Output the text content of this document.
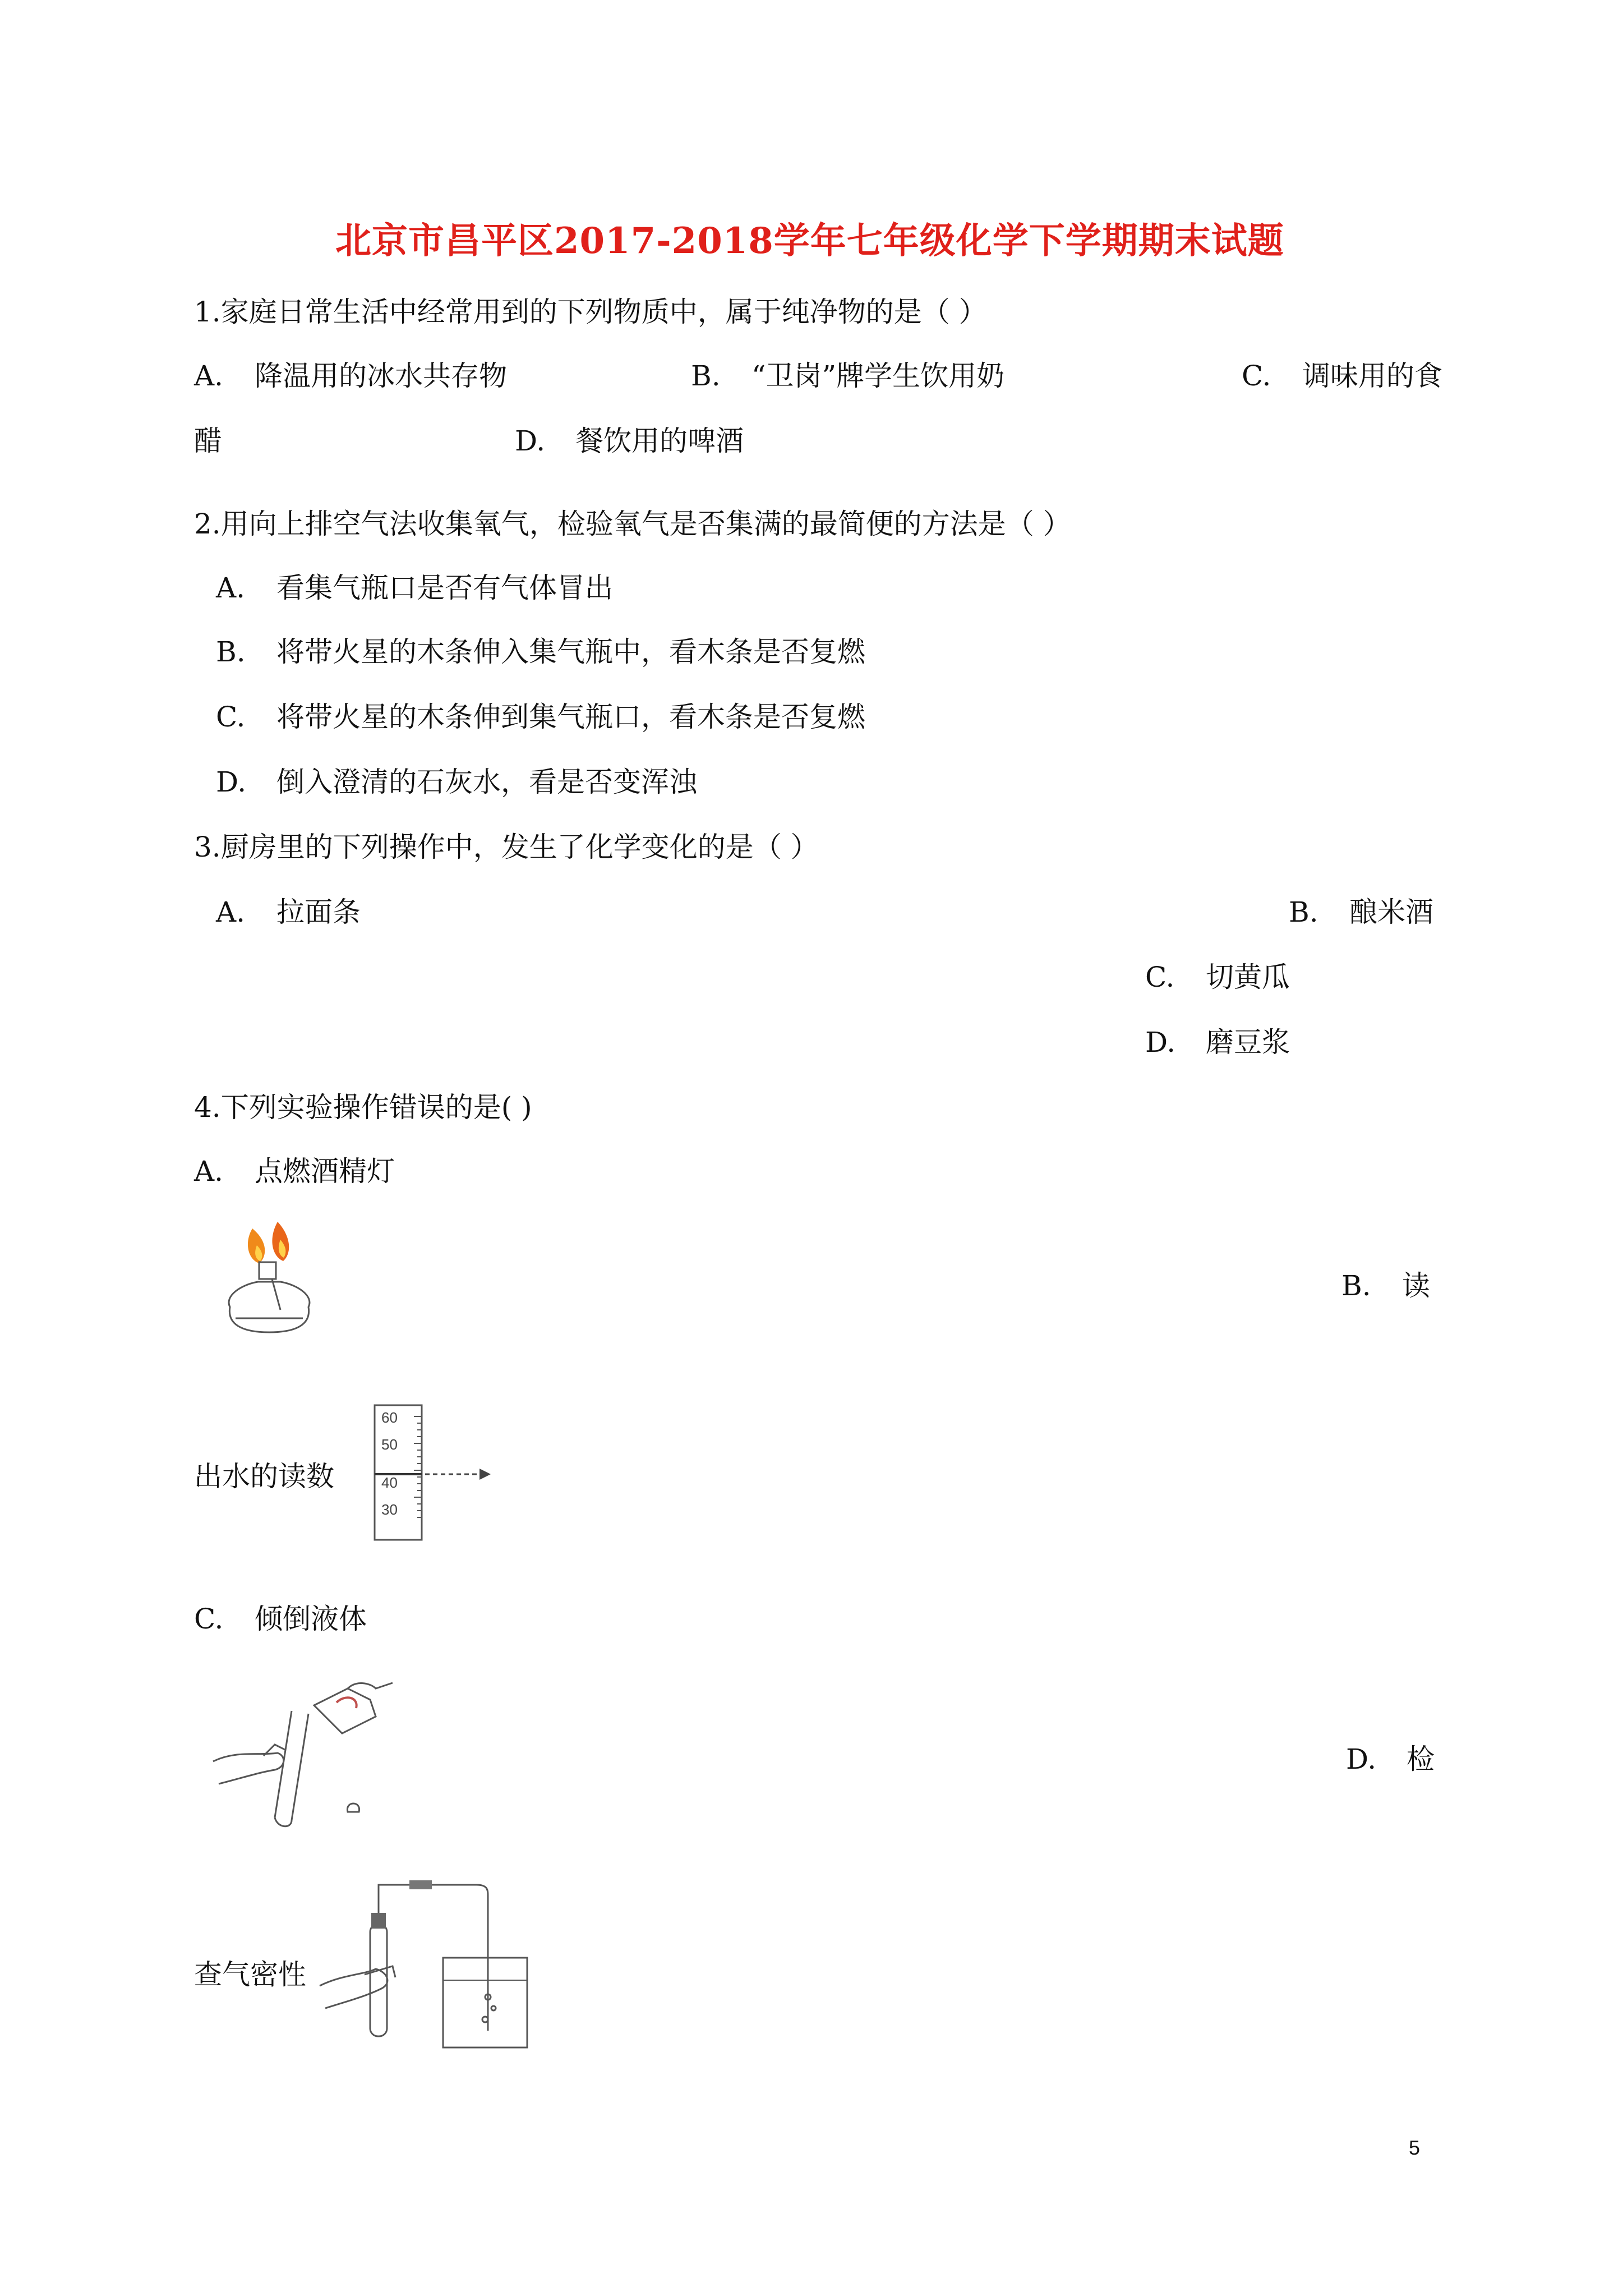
北京市昌平区2017-2018学年七年级化学下学期期末试题
1.家庭日常生活中经常用到的下列物质中，属于纯净物的是（ ）
A. 降温用的冰水共存物	B. “卫岗”牌学生饮用奶	C. 调味用的食
醋	D. 餐饮用的啤酒
2.用向上排空气法收集氧气，检验氧气是否集满的最简便的方法是（ ）
A. 看集气瓶口是否有气体冒出
B. 将带火星的木条伸入集气瓶中，看木条是否复燃
C. 将带火星的木条伸到集气瓶口，看木条是否复燃
D. 倒入澄清的石灰水，看是否变浑浊
3.厨房里的下列操作中，发生了化学变化的是（ ）
A. 拉面条	B. 酿米酒
C. 切黄瓜
D. 磨豆浆
4.下列实验操作错误的是( )
A. 点燃酒精灯
B. 读
出水的读数
60
50
40
30
C. 倾倒液体
D. 检
查气密性
5
